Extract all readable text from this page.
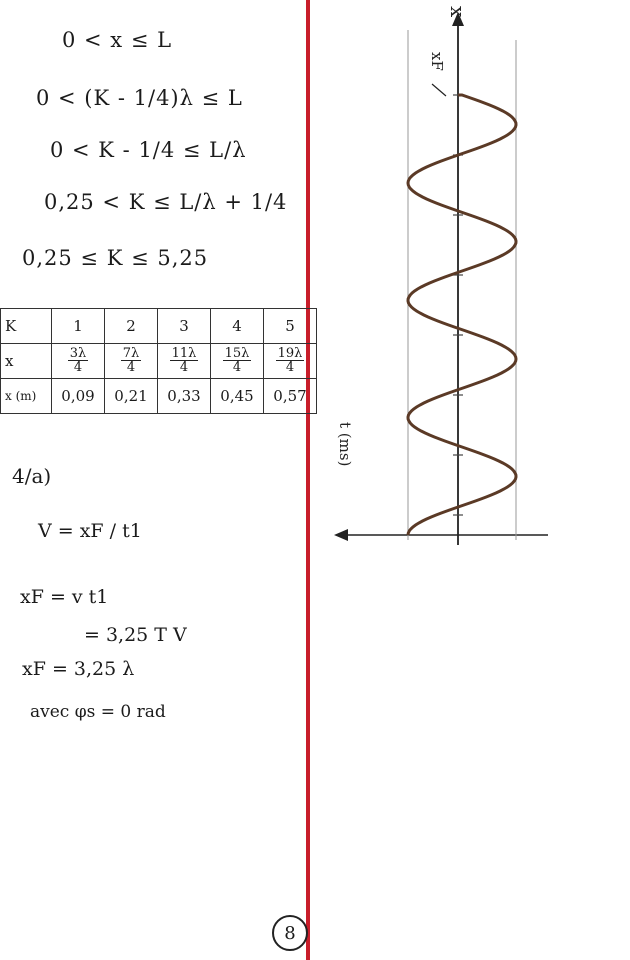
0 < x ≤ L
0 < (K - 1/4)λ ≤ L
0 < K - 1/4 ≤ L/λ
0,25 < K ≤ L/λ + 1/4
0,25 ≤ K ≤ 5,25
K	1	2	3	4	5
x	$\frac{3\lambda}{4}$	$\frac{7\lambda}{4}$	$\frac{11\lambda}{4}$	$\frac{15\lambda}{4}$	$\frac{19\lambda}{4}$

x (m)	0,09	0,21	0,33	0,45	0,57
4/a)
V = xF / t1
xF = v t1
= 3,25 T V
xF = 3,25 λ
avec φs = 0 rad
x
xF
t (ms)
8
